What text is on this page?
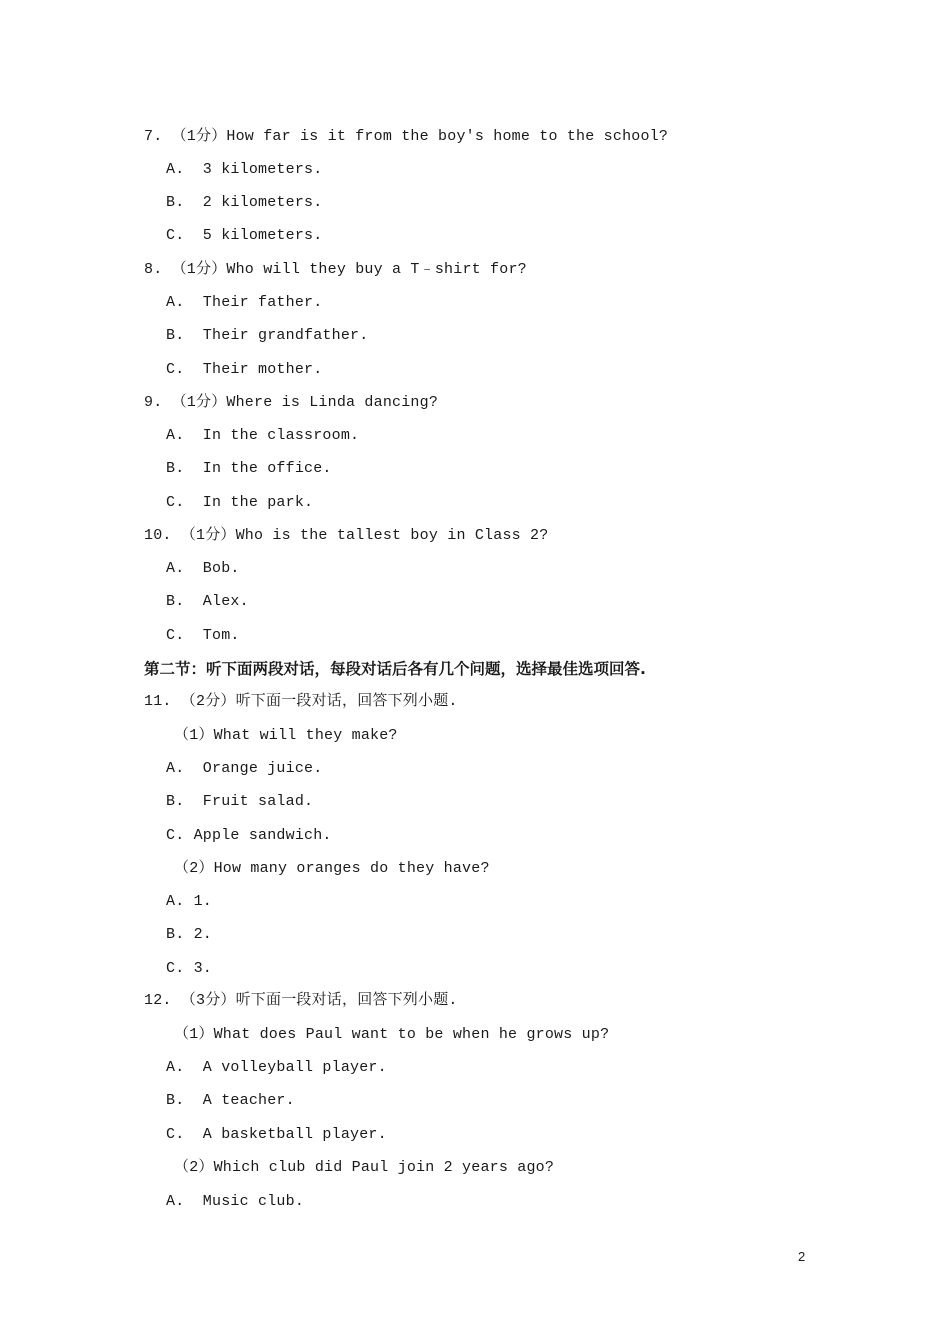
7. （1分）How far is it from the boy's home to the school?
A.  3 kilometers.
B.  2 kilometers.
C.  5 kilometers.
8. （1分）Who will they buy a T﹣shirt for?
A.  Their father.
B.  Their grandfather.
C.  Their mother.
9. （1分）Where is Linda dancing?
A.  In the classroom.
B.  In the office.
C.  In the park.
10. （1分）Who is the tallest boy in Class 2?
A.  Bob.
B.  Alex.
C.  Tom.
第二节：听下面两段对话，每段对话后各有几个问题，选择最佳选项回答.
11. （2分）听下面一段对话，回答下列小题.
（1）What will they make?
A.  Orange juice.
B.  Fruit salad.
C. Apple sandwich.
（2）How many oranges do they have?
A. 1.
B. 2.
C. 3.
12. （3分）听下面一段对话，回答下列小题.
（1）What does Paul want to be when he grows up?
A.  A volleyball player.
B.  A teacher.
C.  A basketball player.
（2）Which club did Paul join 2 years ago?
A.  Music club.
2
